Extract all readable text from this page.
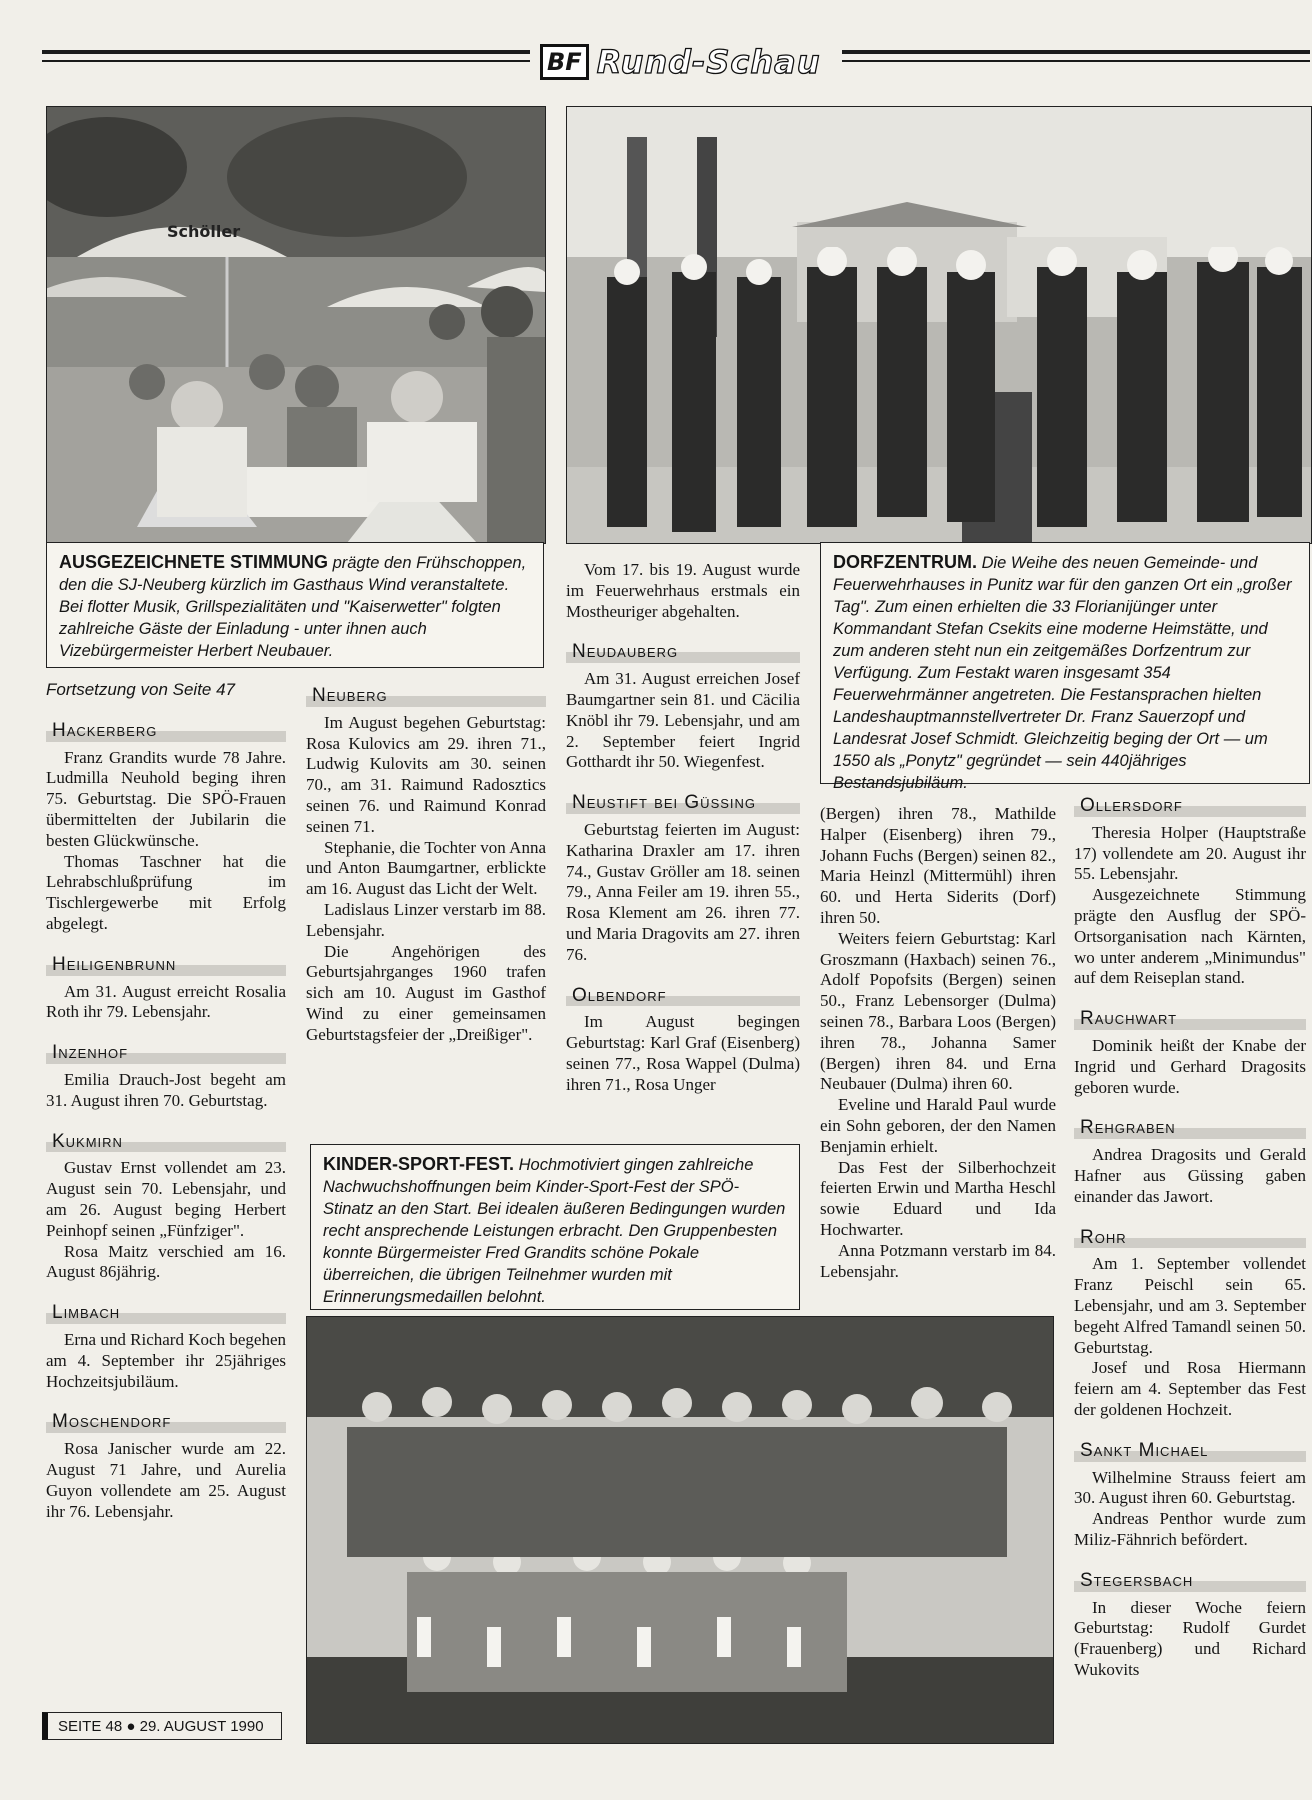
BF Rund-Schau
Schöller
AUSGEZEICHNETE STIMMUNG prägte den Frühschoppen, den die SJ-Neuberg kürzlich im Gasthaus Wind veranstaltete. Bei flotter Musik, Grillspezialitäten und "Kaiserwetter" folgten zahlreiche Gäste der Einladung - unter ihnen auch Vizebürgermeister Herbert Neubauer.
DORFZENTRUM. Die Weihe des neuen Gemeinde- und Feuerwehrhauses in Punitz war für den ganzen Ort ein „großer Tag". Zum einen erhielten die 33 Florianijünger unter Kommandant Stefan Csekits eine moderne Heimstätte, und zum anderen steht nun ein zeitgemäßes Dorfzentrum zur Verfügung. Zum Festakt waren insgesamt 354 Feuerwehrmänner angetreten. Die Festansprachen hielten Landeshauptmannstellvertreter Dr. Franz Sauerzopf und Landesrat Josef Schmidt. Gleichzeitig beging der Ort — um 1550 als „Ponytz" gegründet — sein 440jähriges Bestandsjubiläum.
Fortsetzung von Seite 47
Hackerberg

Franz Grandits wurde 78 Jahre. Ludmilla Neuhold beging ihren 75. Geburtstag. Die SPÖ-Frauen übermittelten der Jubilarin die besten Glückwünsche.

Thomas Taschner hat die Lehrabschlußprüfung im Tischlergewerbe mit Erfolg abgelegt.

Heiligenbrunn

Am 31. August erreicht Rosalia Roth ihr 79. Lebensjahr.

Inzenhof

Emilia Drauch-Jost begeht am 31. August ihren 70. Geburtstag.

Kukmirn

Gustav Ernst vollendet am 23. August sein 70. Lebensjahr, und am 26. August beging Herbert Peinhopf seinen „Fünfziger".

Rosa Maitz verschied am 16. August 86jährig.

Limbach

Erna und Richard Koch begehen am 4. September ihr 25jähriges Hochzeitsjubiläum.

Moschendorf

Rosa Janischer wurde am 22. August 71 Jahre, und Aurelia Guyon vollendete am 25. August ihr 76. Lebensjahr.

Neuberg

Im August begehen Geburtstag: Rosa Kulovics am 29. ihren 71., Ludwig Kulovits am 30. seinen 70., am 31. Raimund Radosztics seinen 76. und Raimund Konrad seinen 71.

Stephanie, die Tochter von Anna und Anton Baumgartner, erblickte am 16. August das Licht der Welt.

Ladislaus Linzer verstarb im 88. Lebensjahr.

Die Angehörigen des Geburtsjahrganges 1960 trafen sich am 10. August im Gasthof Wind zu einer gemeinsamen Geburtstagsfeier der „Dreißiger".

Vom 17. bis 19. August wurde im Feuerwehrhaus erstmals ein Mostheuriger abgehalten.

Neudauberg

Am 31. August erreichen Josef Baumgartner sein 81. und Cäcilia Knöbl ihr 79. Lebensjahr, und am 2. September feiert Ingrid Gotthardt ihr 50. Wiegenfest.

Neustift bei Güssing

Geburtstag feierten im August: Katharina Draxler am 17. ihren 74., Gustav Gröller am 18. seinen 79., Anna Feiler am 19. ihren 55., Rosa Klement am 26. ihren 77. und Maria Dragovits am 27. ihren 76.

Olbendorf

Im August begingen Geburtstag: Karl Graf (Eisenberg) seinen 77., Rosa Wappel (Dulma) ihren 71., Rosa Unger

(Bergen) ihren 78., Mathilde Halper (Eisenberg) ihren 79., Johann Fuchs (Bergen) seinen 82., Maria Heinzl (Mittermühl) ihren 60. und Herta Siderits (Dorf) ihren 50.

Weiters feiern Geburtstag: Karl Groszmann (Haxbach) seinen 76., Adolf Popofsits (Bergen) seinen 50., Franz Lebensorger (Dulma) seinen 78., Barbara Loos (Bergen) ihren 78., Johanna Samer (Bergen) ihren 84. und Erna Neubauer (Dulma) ihren 60.

Eveline und Harald Paul wurde ein Sohn geboren, der den Namen Benjamin erhielt.

Das Fest der Silberhochzeit feierten Erwin und Martha Heschl sowie Eduard und Ida Hochwarter.

Anna Potzmann verstarb im 84. Lebensjahr.

Ollersdorf

Theresia Holper (Hauptstraße 17) vollendete am 20. August ihr 55. Lebensjahr.

Ausgezeichnete Stimmung prägte den Ausflug der SPÖ-Ortsorganisation nach Kärnten, wo unter anderem „Minimundus" auf dem Reiseplan stand.

Rauchwart

Dominik heißt der Knabe der Ingrid und Gerhard Dragosits geboren wurde.

Rehgraben

Andrea Dragosits und Gerald Hafner aus Güssing gaben einander das Jawort.

Rohr

Am 1. September vollendet Franz Peischl sein 65. Lebensjahr, und am 3. September begeht Alfred Tamandl seinen 50. Geburtstag.

Josef und Rosa Hiermann feiern am 4. September das Fest der goldenen Hochzeit.

Sankt Michael

Wilhelmine Strauss feiert am 30. August ihren 60. Geburtstag.

Andreas Penthor wurde zum Miliz-Fähnrich befördert.

Stegersbach

In dieser Woche feiern Geburtstag: Rudolf Gurdet (Frauenberg) und Richard Wukovits

KINDER-SPORT-FEST. Hochmotiviert gingen zahlreiche Nachwuchshoffnungen beim Kinder-Sport-Fest der SPÖ-Stinatz an den Start. Bei idealen äußeren Bedingungen wurden recht ansprechende Leistungen erbracht. Den Gruppenbesten konnte Bürgermeister Fred Grandits schöne Pokale überreichen, die übrigen Teilnehmer wurden mit Erinnerungsmedaillen belohnt.
SEITE 48 ● 29. AUGUST 1990
